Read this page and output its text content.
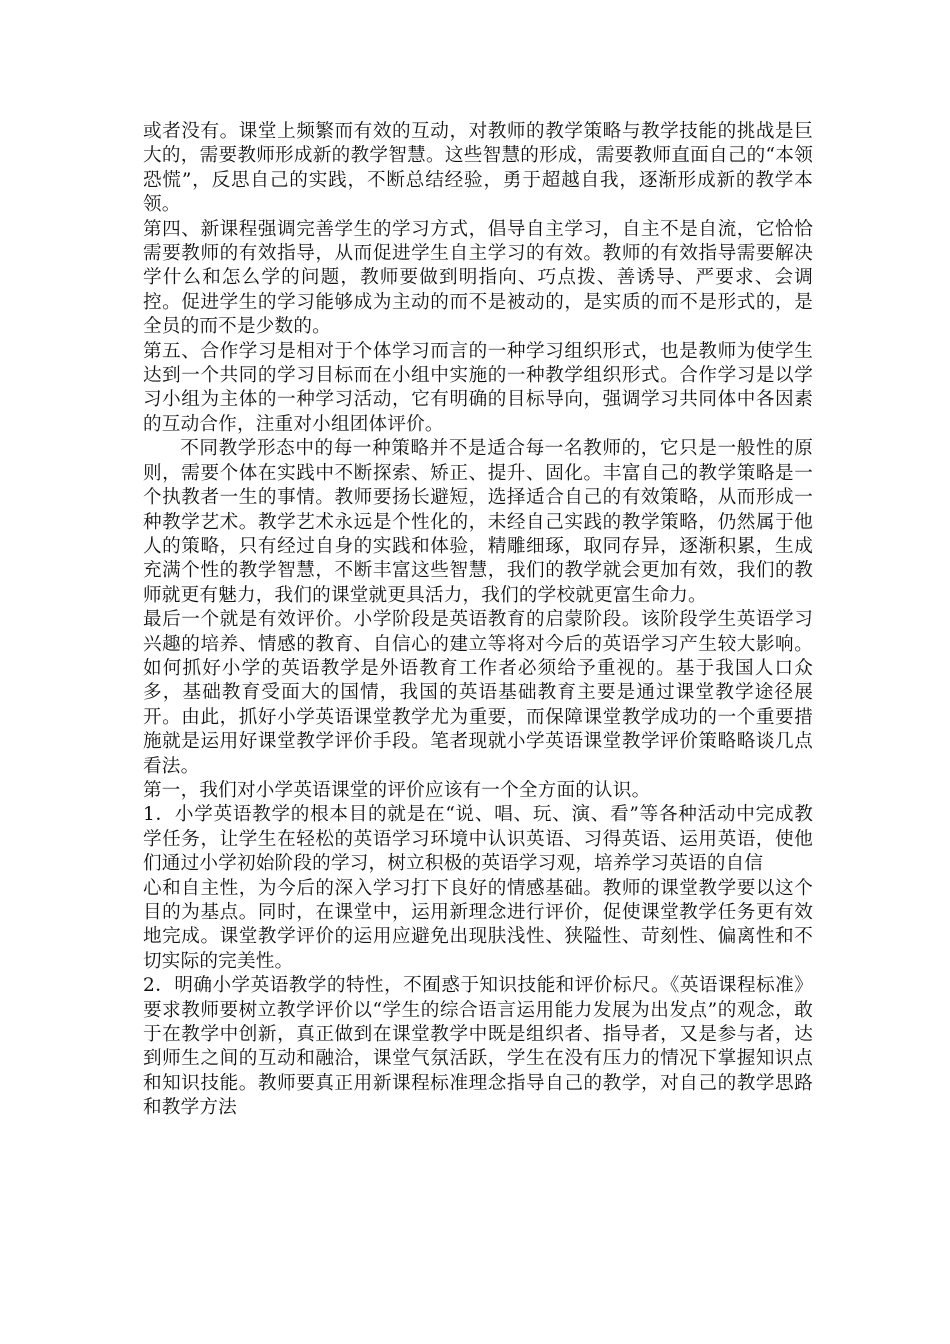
或者没有。课堂上频繁而有效的互动，对教师的教学策略与教学技能的挑战是巨大的，需要教师形成新的教学智慧。这些智慧的形成，需要教师直面自己的“本领恐慌”，反思自己的实践，不断总结经验，勇于超越自我，逐渐形成新的教学本领。

第四、新课程强调完善学生的学习方式，倡导自主学习，自主不是自流，它恰恰需要教师的有效指导，从而促进学生自主学习的有效。教师的有效指导需要解决学什么和怎么学的问题，教师要做到明指向、巧点拨、善诱导、严要求、会调控。促进学生的学习能够成为主动的而不是被动的，是实质的而不是形式的，是全员的而不是少数的。

第五、合作学习是相对于个体学习而言的一种学习组织形式，也是教师为使学生达到一个共同的学习目标而在小组中实施的一种教学组织形式。合作学习是以学习小组为主体的一种学习活动，它有明确的目标导向，强调学习共同体中各因素的互动合作，注重对小组团体评价。

不同教学形态中的每一种策略并不是适合每一名教师的，它只是一般性的原则，需要个体在实践中不断探索、矫正、提升、固化。丰富自己的教学策略是一个执教者一生的事情。教师要扬长避短，选择适合自己的有效策略，从而形成一种教学艺术。教学艺术永远是个性化的，未经自己实践的教学策略，仍然属于他人的策略，只有经过自身的实践和体验，精雕细琢，取同存异，逐渐积累，生成充满个性的教学智慧，不断丰富这些智慧，我们的教学就会更加有效，我们的教师就更有魅力，我们的课堂就更具活力，我们的学校就更富生命力。

最后一个就是有效评价。小学阶段是英语教育的启蒙阶段。该阶段学生英语学习兴趣的培养、情感的教育、自信心的建立等将对今后的英语学习产生较大影响。如何抓好小学的英语教学是外语教育工作者必须给予重视的。基于我国人口众多，基础教育受面大的国情，我国的英语基础教育主要是通过课堂教学途径展开。由此，抓好小学英语课堂教学尤为重要，而保障课堂教学成功的一个重要措施就是运用好课堂教学评价手段。笔者现就小学英语课堂教学评价策略略谈几点看法。

第一，我们对小学英语课堂的评价应该有一个全方面的认识。

1．小学英语教学的根本目的就是在“说、唱、玩、演、看”等各种活动中完成教学任务，让学生在轻松的英语学习环境中认识英语、习得英语、运用英语，使他们通过小学初始阶段的学习，树立积极的英语学习观，培养学习英语的自信

心和自主性，为今后的深入学习打下良好的情感基础。教师的课堂教学要以这个目的为基点。同时，在课堂中，运用新理念进行评价，促使课堂教学任务更有效地完成。课堂教学评价的运用应避免出现肤浅性、狭隘性、苛刻性、偏离性和不切实际的完美性。

2．明确小学英语教学的特性，不囿惑于知识技能和评价标尺。《英语课程标准》要求教师要树立教学评价以“学生的综合语言运用能力发展为出发点”的观念，敢于在教学中创新，真正做到在课堂教学中既是组织者、指导者，又是参与者，达到师生之间的互动和融洽，课堂气氛活跃，学生在没有压力的情况下掌握知识点和知识技能。教师要真正用新课程标准理念指导自己的教学，对自己的教学思路和教学方法
